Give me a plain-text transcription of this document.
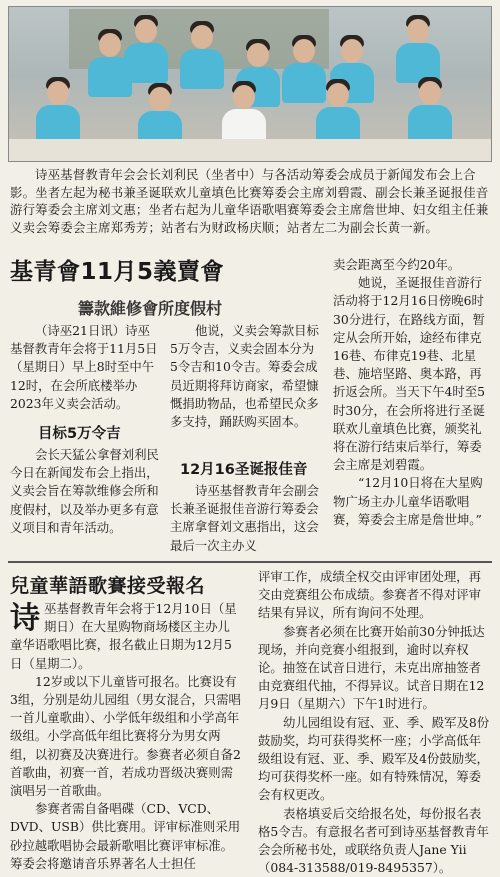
诗巫基督教青年会会长刘利民（坐者中）与各活动筹委会成员于新闻发布会上合影。坐者左起为秘书兼圣诞联欢儿童填色比赛筹委会主席刘碧霞、副会长兼圣诞报佳音游行筹委会主席刘文惠；坐者右起为儿童华语歌唱赛筹委会主席詹世坤、妇女组主任兼义卖会筹委会主席郑秀芳；站者右为财政杨庆顺；站者左二为副会长黄一新。
基青會11月5義賣會
籌款維修會所度假村

（诗巫21日讯）诗巫基督教青年会将于11月5日（星期日）早上8时至中午12时，在会所底楼举办2023年义卖会活动。

目标5万令吉

会长天猛公拿督刘利民今日在新闻发布会上指出，义卖会旨在筹款维修会所和度假村，以及举办更多有意义项目和青年活动。

他说，义卖会筹款目标5万令吉，义卖会固本分为5令吉和10令吉。筹委会成员近期将拜访商家，希望慷慨捐助物品，也希望民众多多支持，踊跃购买固本。

12月16圣诞报佳音

诗巫基督教青年会副会长兼圣诞报佳音游行筹委会主席拿督刘文惠指出，这会最后一次主办义

卖会距离至今约20年。

她说，圣诞报佳音游行活动将于12月16日傍晚6时30分进行，在路线方面，暂定从会所开始，途经布律克16巷、布律克19巷、北星巷、施培坚路、奥本路，再折返会所。当天下午4时至5时30分，在会所将进行圣诞联欢儿童填色比赛，颁奖礼将在游行结束后举行，筹委会主席是刘碧霞。

“12月10日将在大星购物广场主办儿童华语歌唱赛，筹委会主席是詹世坤。”

兒童華語歌賽接受報名

诗巫基督教青年会将于12月10日（星期日）在大星购物商场楼区主办儿童华语歌唱比赛，报名截止日期为12月5日（星期二）。

12岁或以下儿童皆可报名。比赛设有3组，分别是幼儿园组（男女混合，只需唱一首儿童歌曲）、小学低年级组和小学高年级组。小学高低年组比赛将分为男女两组，以初赛及决赛进行。参赛者必须自备2首歌曲，初赛一首，若成功晋级决赛则需演唱另一首歌曲。

参赛者需自备唱碟（CD、VCD、DVD、USB）供比赛用。评审标准则采用砂拉越歌唱协会最新歌唱比赛评审标准。筹委会将邀请音乐界著名人士担任

评审工作，成绩全权交由评审团处理，再交由竞赛组公布成绩。参赛者不得对评审结果有异议，所有询问不处理。

参赛者必须在比赛开始前30分钟抵达现场，并向竞赛小组报到，逾时以弃权论。抽签在试音日进行，未克出席抽签者由竞赛组代抽，不得异议。试音日期在12月9日（星期六）下午1时进行。

幼儿园组设有冠、亚、季、殿军及8份鼓励奖，均可获得奖杯一座；小学高低年级组设有冠、亚、季、殿军及4份鼓励奖，均可获得奖杯一座。如有特殊情况，筹委会有权更改。

表格填妥后交给报名处，每份报名表格5令吉。有意报名者可到诗巫基督教青年会会所秘书处，或联络负责人Jane Yii（084-313588/019-8495357）。
